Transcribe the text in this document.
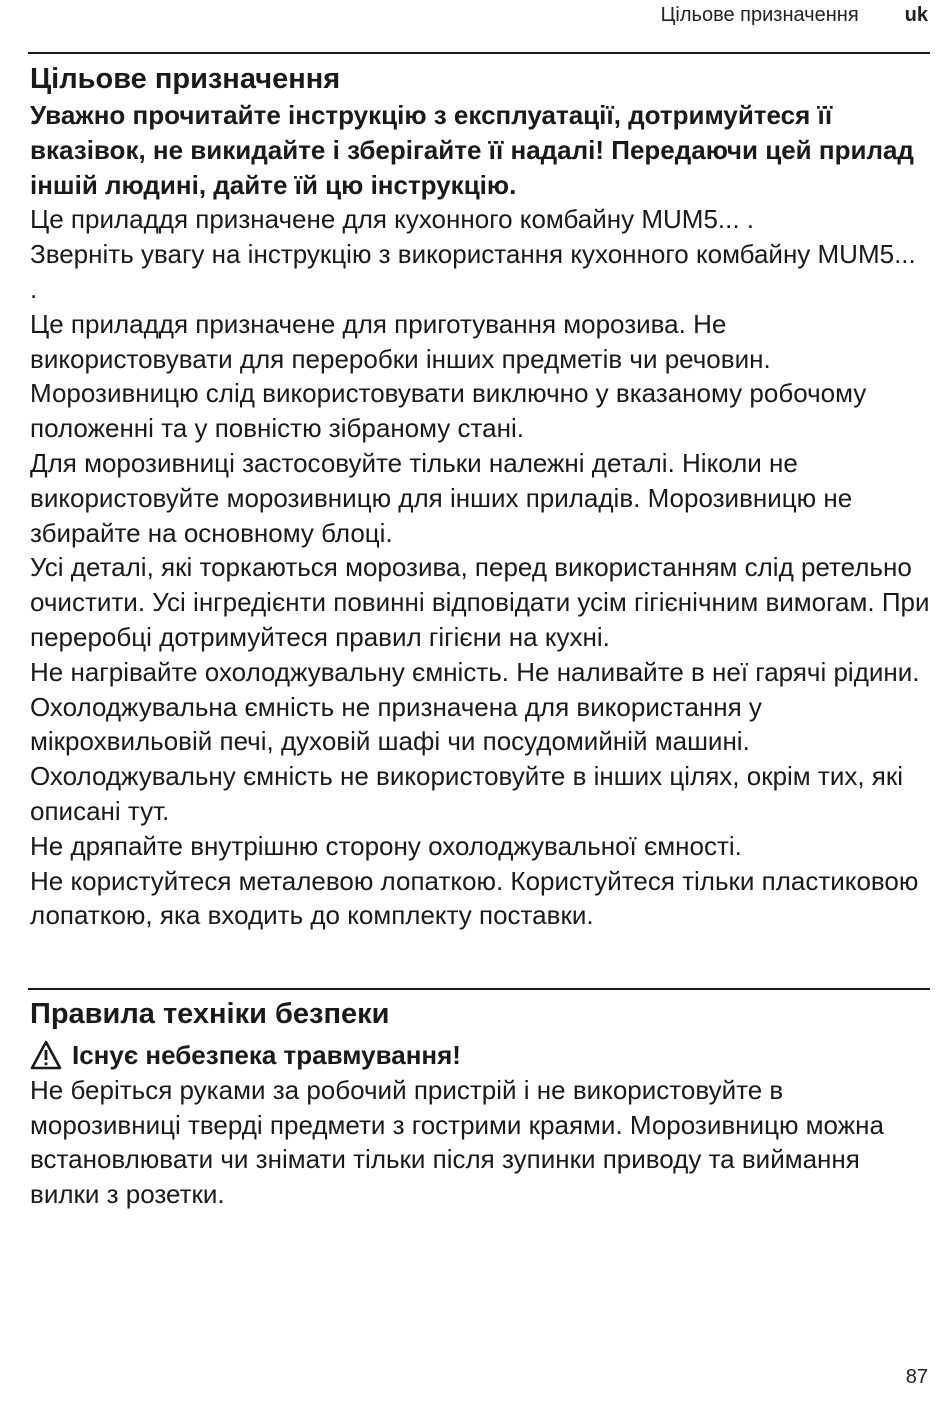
Цільове призначення uk
Цільове призначення

Уважно прочитайте інструкцію з експлуатації, дотримуйтеся її вказівок, не викидайте і зберігайте її надалі! Передаючи цей прилад іншій людині, дайте їй цю інструкцію.

Це приладдя призначене для кухонного комбайну MUM5... .

Зверніть увагу на інструкцію з використання кухонного комбайну MUM5... .

Це приладдя призначене для приготування морозива. Не використовувати для переробки інших предметів чи речовин.

Морозивницю слід використовувати виключно у вказаному робочому положенні та у повністю зібраному стані.

Для морозивниці застосовуйте тільки належні деталі. Ніколи не використовуйте морозивницю для інших приладів. Морозивницю не збирайте на основному блоці.

Усі деталі, які торкаються морозива, перед використанням слід ретельно очистити. Усі інгредієнти повинні відповідати усім гігієнічним вимогам. При переробці дотримуйтеся правил гігієни на кухні.

Не нагрівайте охолоджувальну ємність. Не наливайте в неї гарячі рідини. Охолоджувальна ємність не призначена для використання у мікрохвильовій печі, духовій шафі чи посудомийній машині. Охолоджувальну ємність не використовуйте в інших цілях, окрім тих, які описані тут.

Не дряпайте внутрішню сторону охолоджувальної ємності.

Не користуйтеся металевою лопаткою. Користуйтеся тільки пластиковою лопаткою, яка входить до комплекту поставки.

Правила техніки безпеки
Існує небезпека травмування!

Не беріться руками за робочий пристрій і не використовуйте в морозивниці тверді предмети з гострими краями. Морозивницю можна встановлювати чи знімати тільки після зупинки приводу та виймання вилки з розетки.

87
